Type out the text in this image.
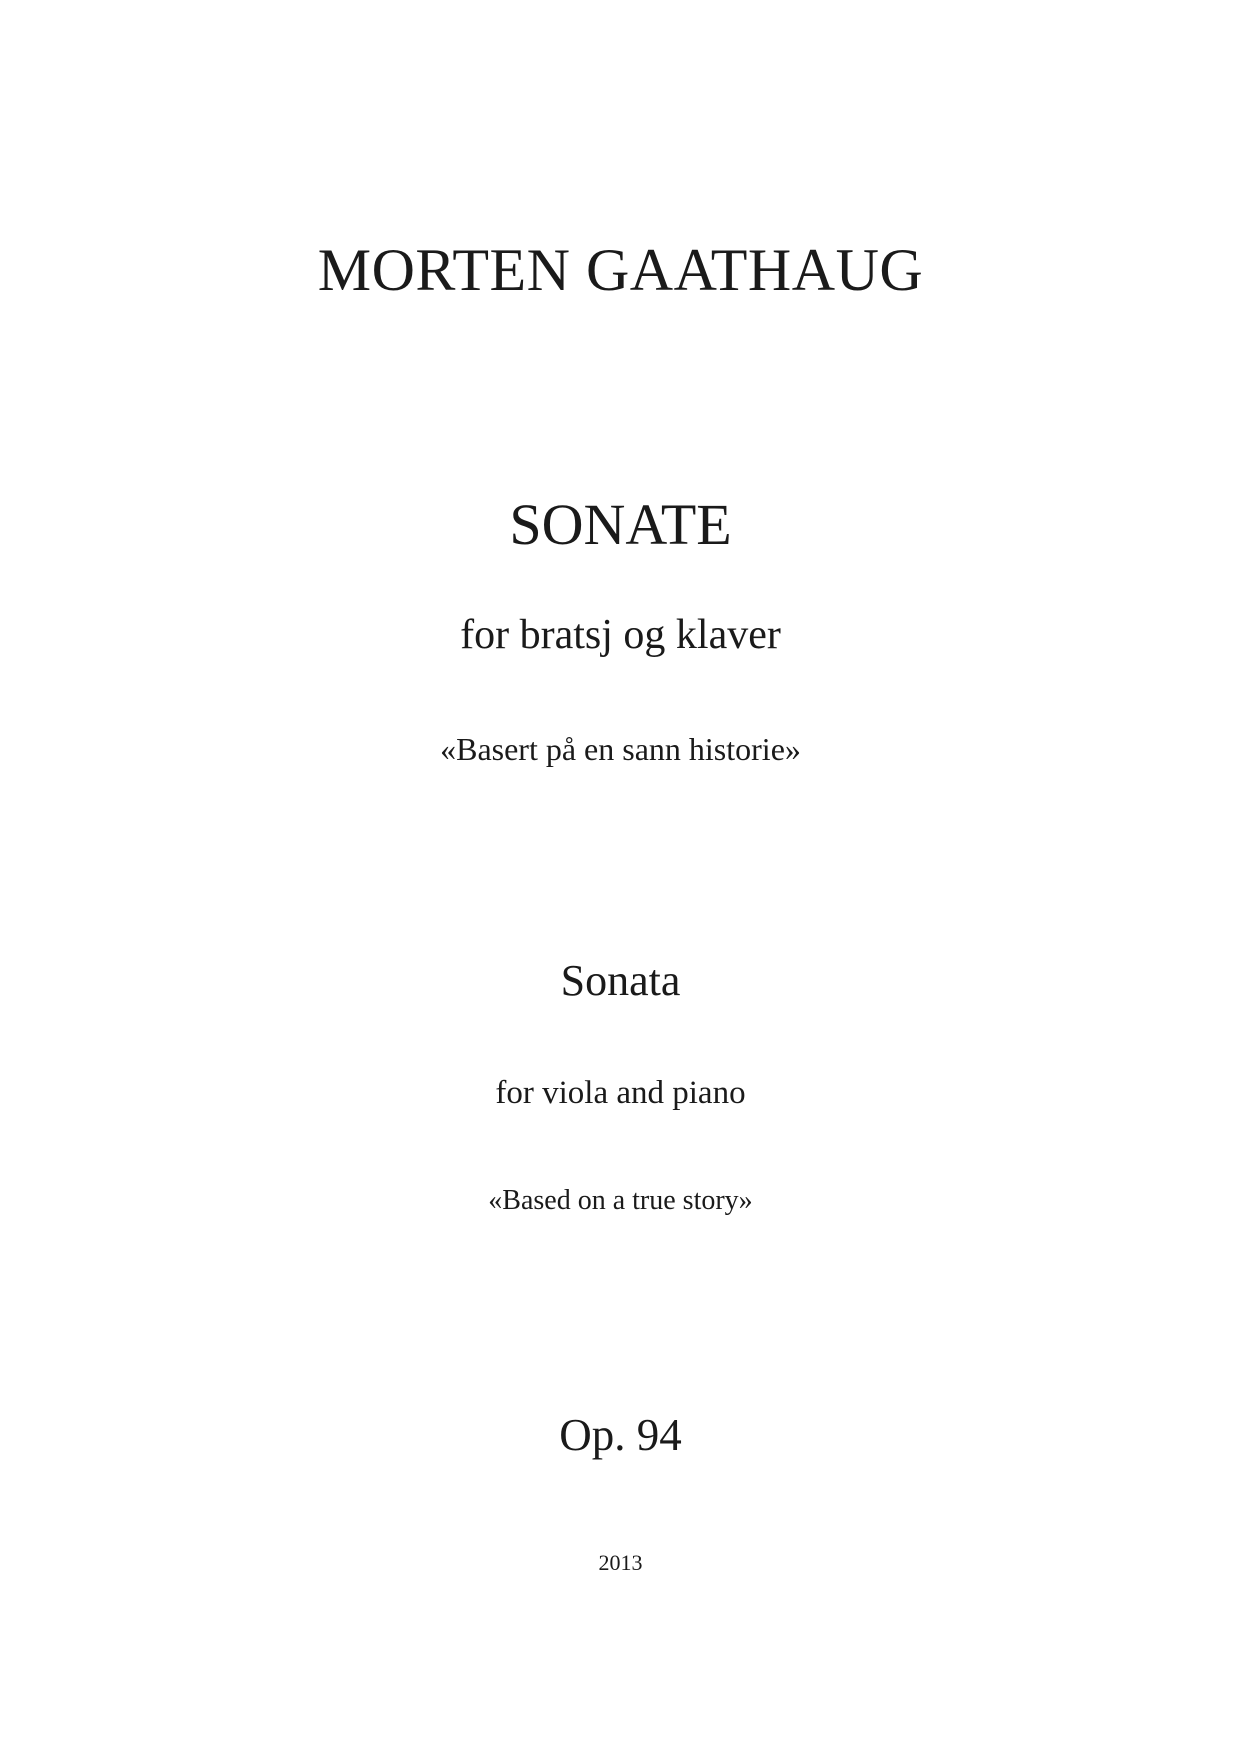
MORTEN GAATHAUG
SONATE
for bratsj og klaver
«Basert på en sann historie»
Sonata
for viola and piano
«Based on a true story»
Op. 94
2013
